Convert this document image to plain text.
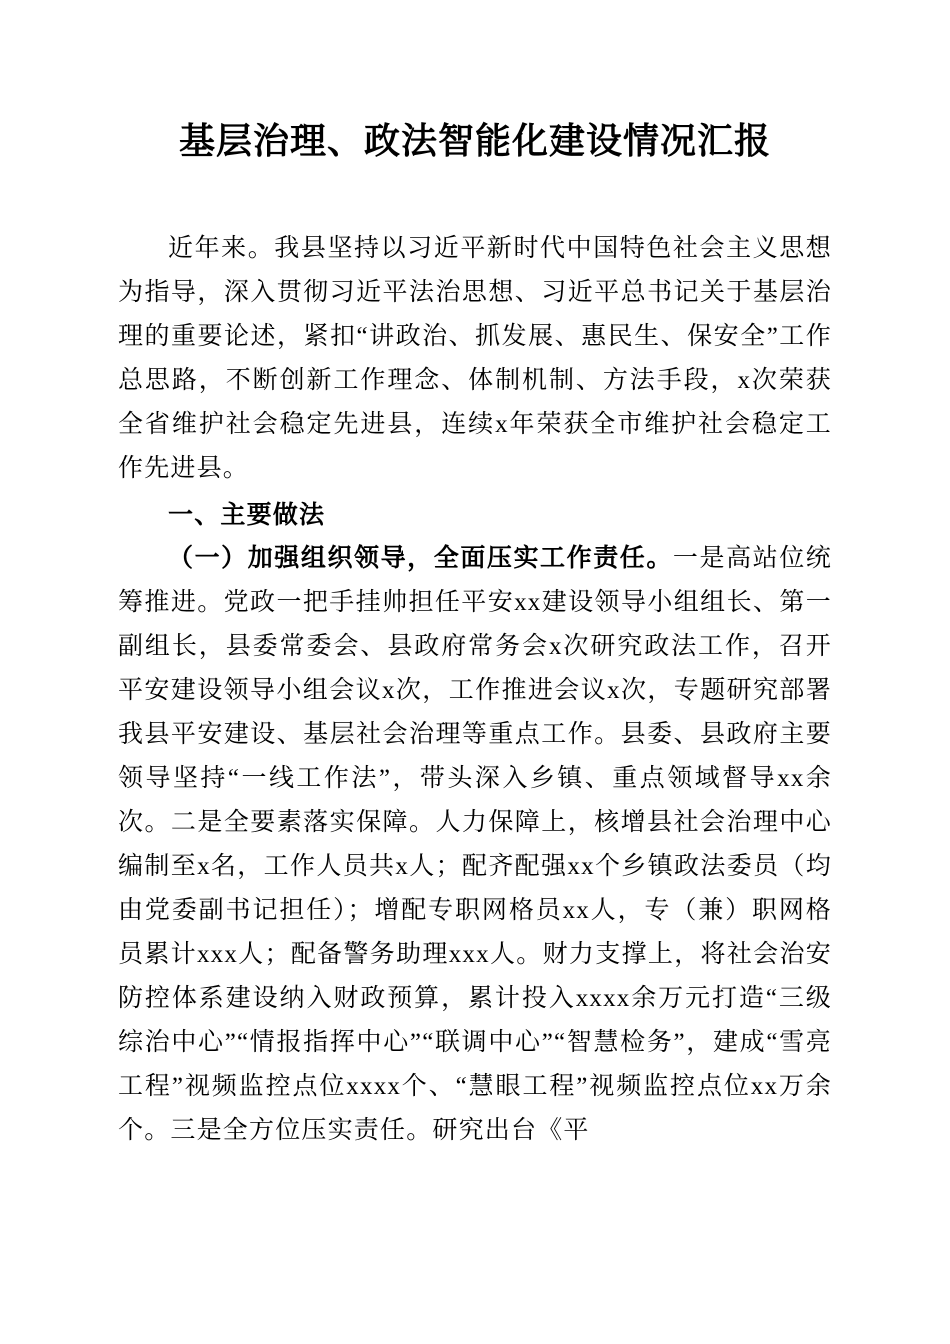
基层治理、政法智能化建设情况汇报

近年来。我县坚持以习近平新时代中国特色社会主义思想为指导，深入贯彻习近平法治思想、习近平总书记关于基层治理的重要论述，紧扣“讲政治、抓发展、惠民生、保安全”工作总思路，不断创新工作理念、体制机制、方法手段，x次荣获全省维护社会稳定先进县，连续x年荣获全市维护社会稳定工作先进县。

一、主要做法

（一）加强组织领导，全面压实工作责任。一是高站位统筹推进。党政一把手挂帅担任平安xx建设领导小组组长、第一副组长，县委常委会、县政府常务会x次研究政法工作，召开平安建设领导小组会议x次，工作推进会议x次，专题研究部署我县平安建设、基层社会治理等重点工作。县委、县政府主要领导坚持“一线工作法”，带头深入乡镇、重点领域督导xx余次。二是全要素落实保障。人力保障上，核增县社会治理中心编制至x名，工作人员共x人；配齐配强xx个乡镇政法委员（均由党委副书记担任）；增配专职网格员xx人，专（兼）职网格员累计xxx人；配备警务助理xxx人。财力支撑上，将社会治安防控体系建设纳入财政预算，累计投入xxxx余万元打造“三级综治中心”“情报指挥中心”“联调中心”“智慧检务”，建成“雪亮工程”视频监控点位xxxx个、“慧眼工程”视频监控点位xx万余个。三是全方位压实责任。研究出台《平
